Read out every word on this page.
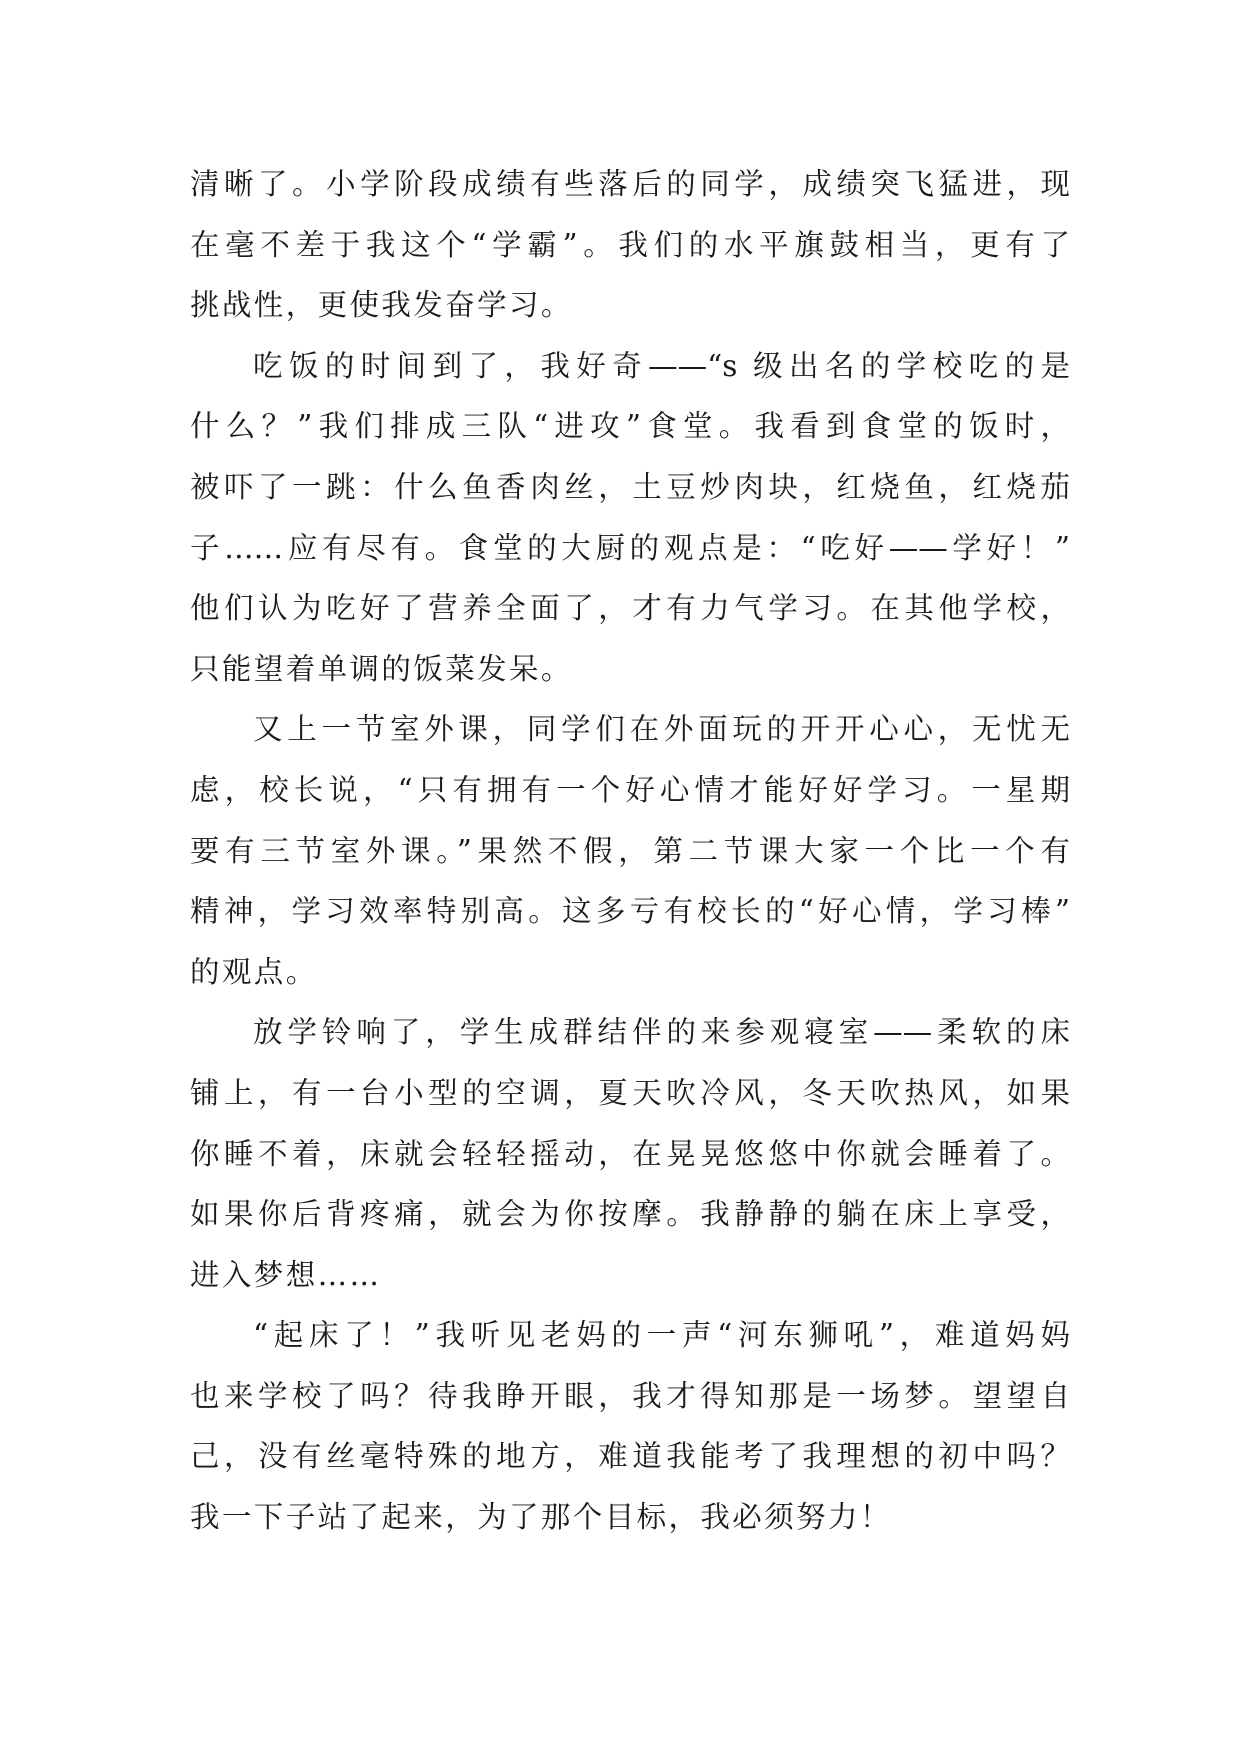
清晰了。小学阶段成绩有些落后的同学，成绩突飞猛进，现
在毫不差于我这个“学霸”。我们的水平旗鼓相当，更有了
挑战性，更使我发奋学习。
吃饭的时间到了，我好奇——“s 级出名的学校吃的是
什么？”我们排成三队“进攻”食堂。我看到食堂的饭时，
被吓了一跳：什么鱼香肉丝，土豆炒肉块，红烧鱼，红烧茄
子……应有尽有。食堂的大厨的观点是：“吃好——学好！”
他们认为吃好了营养全面了，才有力气学习。在其他学校，
只能望着单调的饭菜发呆。
又上一节室外课，同学们在外面玩的开开心心，无忧无
虑，校长说，“只有拥有一个好心情才能好好学习。一星期
要有三节室外课。”果然不假，第二节课大家一个比一个有
精神，学习效率特别高。这多亏有校长的“好心情，学习棒”
的观点。
放学铃响了，学生成群结伴的来参观寝室——柔软的床
铺上，有一台小型的空调，夏天吹冷风，冬天吹热风，如果
你睡不着，床就会轻轻摇动，在晃晃悠悠中你就会睡着了。
如果你后背疼痛，就会为你按摩。我静静的躺在床上享受，
进入梦想……
“起床了！”我听见老妈的一声“河东狮吼”，难道妈妈
也来学校了吗？待我睁开眼，我才得知那是一场梦。望望自
己，没有丝毫特殊的地方，难道我能考了我理想的初中吗？
我一下子站了起来，为了那个目标，我必须努力！
